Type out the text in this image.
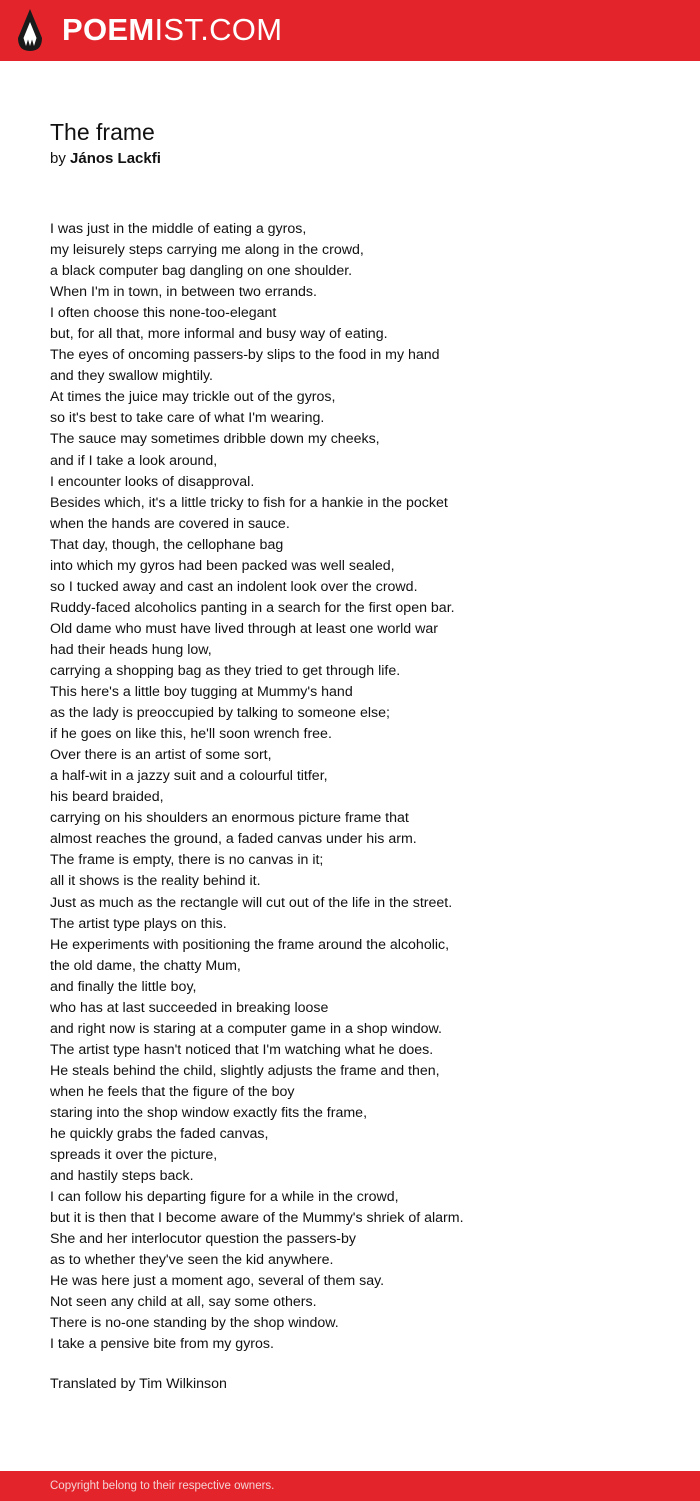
POEMIST.COM
The frame
by János Lackfi
I was just in the middle of eating a gyros,
my leisurely steps carrying me along in the crowd,
a black computer bag dangling on one shoulder.
When I'm in town, in between two errands.
I often choose this none-too-elegant
but, for all that, more informal and busy way of eating.
The eyes of oncoming passers-by slips to the food in my hand
and they swallow mightily.
At times the juice may trickle out of the gyros,
so it's best to take care of what I'm wearing.
The sauce may sometimes dribble down my cheeks,
and if I take a look around,
I encounter looks of disapproval.
Besides which, it's a little tricky to fish for a hankie in the pocket
when the hands are covered in sauce.
That day, though, the cellophane bag
into which my gyros had been packed was well sealed,
so I tucked away and cast an indolent look over the crowd.
Ruddy-faced alcoholics panting in a search for the first open bar.
Old dame who must have lived through at least one world war
had their heads hung low,
carrying a shopping bag as they tried to get through life.
This here's a little boy tugging at Mummy's hand
as the lady is preoccupied by talking to someone else;
if he goes on like this, he'll soon wrench free.
Over there is an artist of some sort,
a half-wit in a jazzy suit and a colourful titfer,
his beard braided,
carrying on his shoulders an enormous picture frame that
almost reaches the ground, a faded canvas under his arm.
The frame is empty, there is no canvas in it;
all it shows is the reality behind it.
Just as much as the rectangle will cut out of the life in the street.
The artist type plays on this.
He experiments with positioning the frame around the alcoholic,
the old dame, the chatty Mum,
and finally the little boy,
who has at last succeeded in breaking loose
and right now is staring at a computer game in a shop window.
The artist type hasn't noticed that I'm watching what he does.
He steals behind the child, slightly adjusts the frame and then,
when he feels that the figure of the boy
staring into the shop window exactly fits the frame,
he quickly grabs the faded canvas,
spreads it over the picture,
and hastily steps back.
I can follow his departing figure for a while in the crowd,
but it is then that I become aware of the Mummy's shriek of alarm.
She and her interlocutor question the passers-by
as to whether they've seen the kid anywhere.
He was here just a moment ago, several of them say.
Not seen any child at all, say some others.
There is no-one standing by the shop window.
I take a pensive bite from my gyros.
Translated by Tim Wilkinson
Copyright belong to their respective owners.
